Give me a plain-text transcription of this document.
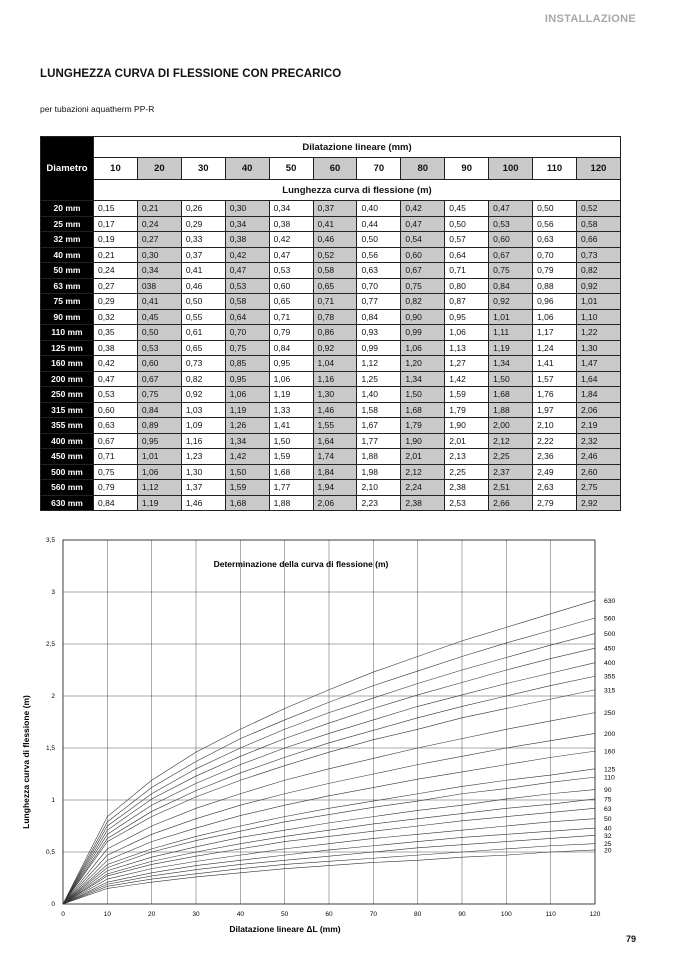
INSTALLAZIONE
LUNGHEZZA CURVA DI FLESSIONE CON PRECARICO
per tubazioni aquatherm PP-R
Diametro	Dilatazione lineare (mm)											
	10	20	30	40	50	60	70	80	90	100	110	120
	Lunghezza curva di flessione (m)											
20 mm	0,15	0,21	0,26	0,30	0,34	0,37	0,40	0,42	0,45	0,47	0,50	0,52
25 mm	0,17	0,24	0,29	0,34	0,38	0,41	0,44	0,47	0,50	0,53	0,56	0,58
32 mm	0,19	0,27	0,33	0,38	0,42	0,46	0,50	0,54	0,57	0,60	0,63	0,66
40 mm	0,21	0,30	0,37	0,42	0,47	0,52	0,56	0,60	0,64	0,67	0,70	0,73
50 mm	0,24	0,34	0,41	0,47	0,53	0,58	0,63	0,67	0,71	0,75	0,79	0,82
63 mm	0,27	038	0,46	0,53	0,60	0,65	0,70	0,75	0,80	0,84	0,88	0,92
75 mm	0,29	0,41	0,50	0,58	0,65	0,71	0,77	0,82	0,87	0,92	0,96	1,01
90 mm	0,32	0,45	0,55	0,64	0,71	0,78	0,84	0,90	0,95	1,01	1,06	1,10
110 mm	0,35	0,50	0,61	0,70	0,79	0,86	0,93	0,99	1,06	1,11	1,17	1,22
125 mm	0,38	0,53	0,65	0,75	0,84	0,92	0,99	1,06	1,13	1,19	1,24	1,30
160 mm	0,42	0,60	0,73	0,85	0,95	1,04	1,12	1,20	1,27	1,34	1,41	1,47
200 mm	0,47	0,67	0,82	0,95	1,06	1,16	1,25	1,34	1,42	1,50	1,57	1,64
250 mm	0,53	0,75	0,92	1,06	1,19	1,30	1,40	1,50	1,59	1,68	1,76	1,84
315 mm	0,60	0,84	1,03	1,19	1,33	1,46	1,58	1,68	1,79	1,88	1,97	2,06
355 mm	0,63	0,89	1,09	1,26	1,41	1,55	1,67	1,79	1,90	2,00	2,10	2,19
400 mm	0,67	0,95	1,16	1,34	1,50	1,64	1,77	1,90	2,01	2,12	2,22	2,32
450 mm	0,71	1,01	1,23	1,42	1,59	1,74	1,88	2,01	2,13	2,25	2,36	2,46
500 mm	0,75	1,06	1,30	1,50	1,68	1,84	1,98	2,12	2,25	2,37	2,49	2,60
560 mm	0,79	1,12	1,37	1,59	1,77	1,94	2,10	2,24	2,38	2,51	2,63	2,75
630 mm	0,84	1,19	1,46	1,68	1,88	2,06	2,23	2,38	2,53	2,66	2,79	2,92
0	10	20	30	40	50	60	70	80	90	100	110	120
0
0,5
1
1,5
2
2,5
3
3,5
20
25
32
40
50
63
75
90
110
125
160
200
250
315
355
400
450
500
560
630
Determinazione della curva di flessione (m)
Dilatazione lineare ΔL (mm)
Lunghezza curva di flessione (m)
79
